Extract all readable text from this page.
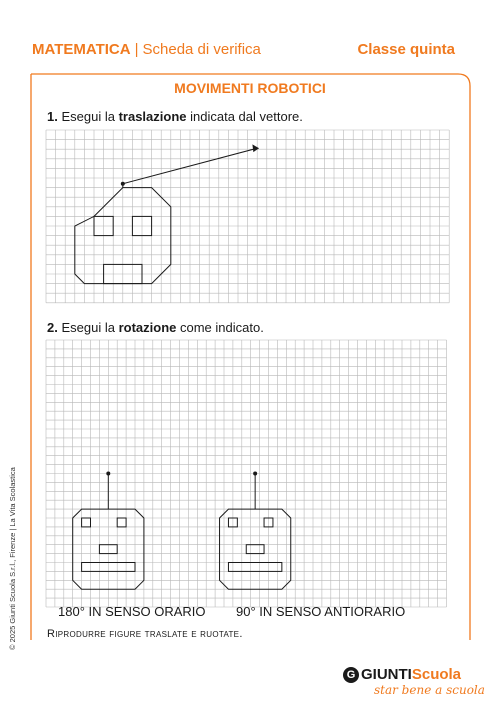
MATEMATICA | Scheda di verifica	Classe quinta
MOVIMENTI ROBOTICI
1. Esegui la traslazione indicata dal vettore.
2. Esegui la rotazione come indicato.
180° IN SENSO ORARIO 90° IN SENSO ANTIORARIO
Riprodurre figure traslate e ruotate.
© 2025 Giunti Scuola S.r.l., Firenze | La Vita Scolastica
G GIUNTIScuola
star bene a scuola
